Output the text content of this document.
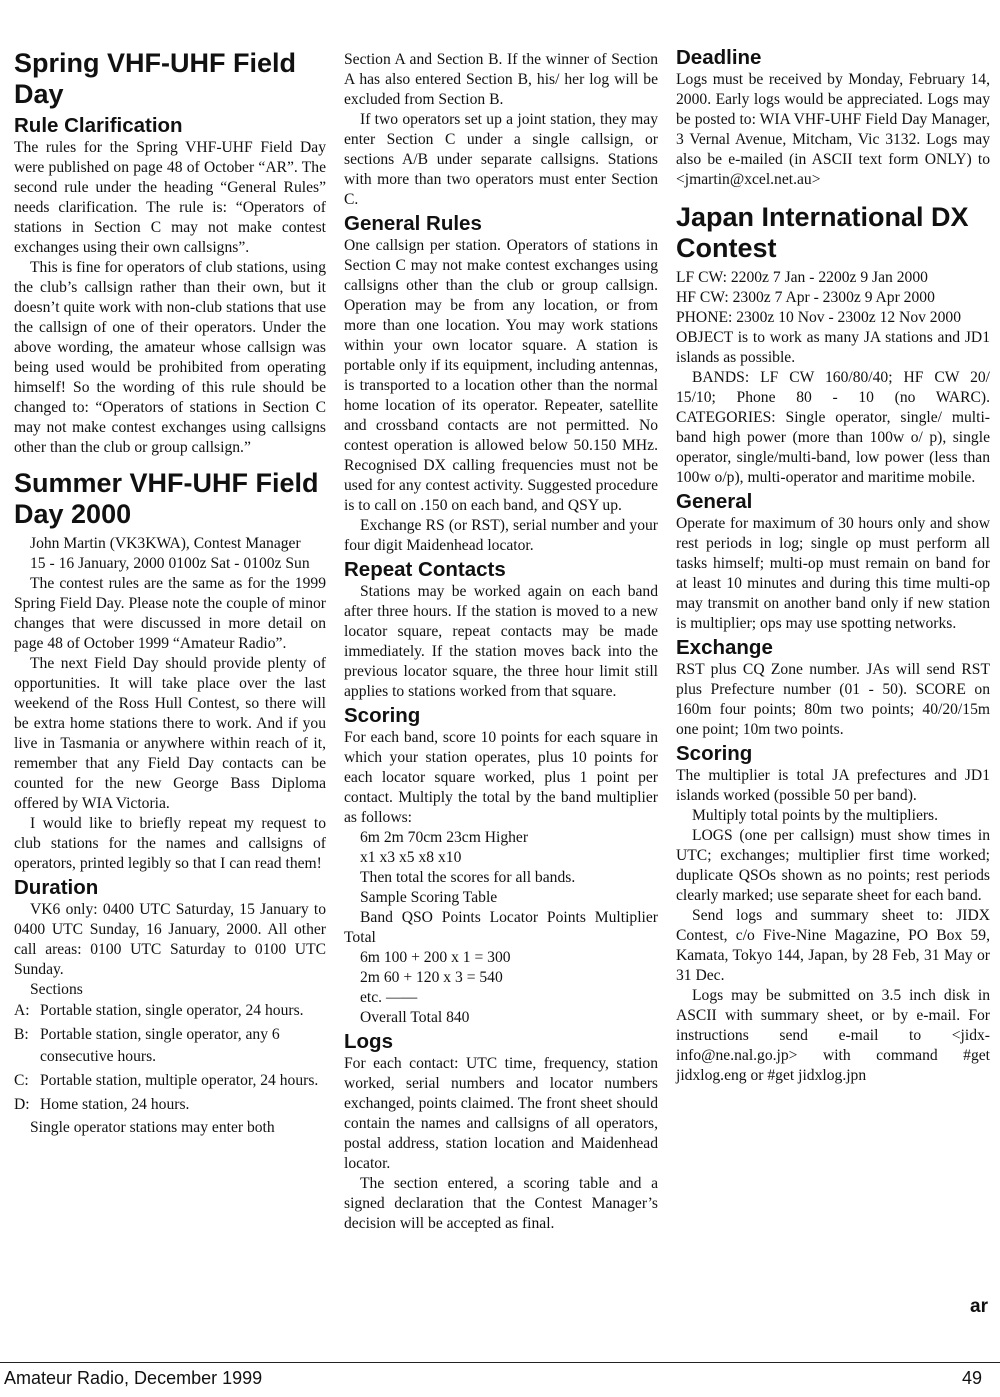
Spring VHF-UHF Field Day
Rule Clarification

The rules for the Spring VHF-UHF Field Day were published on page 48 of October “AR”. The second rule under the heading “General Rules” needs clarification. The rule is: “Operators of stations in Section C may not make contest exchanges using their own callsigns”.

This is fine for operators of club stations, using the club’s callsign rather than their own, but it doesn’t quite work with non-club stations that use the callsign of one of their operators. Under the above wording, the amateur whose callsign was being used would be prohibited from operating himself! So the wording of this rule should be changed to: “Operators of stations in Section C may not make contest exchanges using callsigns other than the club or group callsign.”

Summer VHF-UHF Field Day 2000

John Martin (VK3KWA), Contest Manager

15 - 16 January, 2000 0100z Sat - 0100z Sun

The contest rules are the same as for the 1999 Spring Field Day. Please note the couple of minor changes that were discussed in more detail on page 48 of October 1999 “Amateur Radio”.

The next Field Day should provide plenty of opportunities. It will take place over the last weekend of the Ross Hull Contest, so there will be extra home stations there to work. And if you live in Tasmania or anywhere within reach of it, remember that any Field Day contacts can be counted for the new George Bass Diploma offered by WIA Victoria.

I would like to briefly repeat my request to club stations for the names and callsigns of operators, printed legibly so that I can read them!

Duration

VK6 only: 0400 UTC Saturday, 15 January to 0400 UTC Sunday, 16 January, 2000. All other call areas: 0100 UTC Saturday to 0100 UTC Sunday.

Sections

A: Portable station, single operator, 24 hours.
B: Portable station, single operator, any 6 consecutive hours.
C: Portable station, multiple operator, 24 hours.
D: Home station, 24 hours.

Single operator stations may enter both

Section A and Section B. If the winner of Section A has also entered Section B, his/ her log will be excluded from Section B.

If two operators set up a joint station, they may enter Section C under a single callsign, or sections A/B under separate callsigns. Stations with more than two operators must enter Section C.

General Rules

One callsign per station. Operators of stations in Section C may not make contest exchanges using callsigns other than the club or group callsign. Operation may be from any location, or from more than one location. You may work stations within your own locator square. A station is portable only if its equipment, including antennas, is transported to a location other than the normal home location of its operator. Repeater, satellite and crossband contacts are not permitted. No contest operation is allowed below 50.150 MHz. Recognised DX calling frequencies must not be used for any contest activity. Suggested procedure is to call on .150 on each band, and QSY up.

Exchange RS (or RST), serial number and your four digit Maidenhead locator.

Repeat Contacts

Stations may be worked again on each band after three hours. If the station is moved to a new locator square, repeat contacts may be made immediately. If the station moves back into the previous locator square, the three hour limit still applies to stations worked from that square.

Scoring

For each band, score 10 points for each square in which your station operates, plus 10 points for each locator square worked, plus 1 point per contact. Multiply the total by the band multiplier as follows:

6m 2m 70cm 23cm Higher

x1 x3 x5 x8 x10

Then total the scores for all bands.

Sample Scoring Table

Band QSO Points Locator Points Multiplier Total

6m 100 + 200 x 1 = 300

2m 60 + 120 x 3 = 540

etc. ——

Overall Total 840

Logs

For each contact: UTC time, frequency, station worked, serial numbers and locator numbers exchanged, points claimed. The front sheet should contain the names and callsigns of all operators, postal address, station location and Maidenhead locator.

The section entered, a scoring table and a signed declaration that the Contest Manager’s decision will be accepted as final.

Deadline

Logs must be received by Monday, February 14, 2000. Early logs would be appreciated. Logs may be posted to: WIA VHF-UHF Field Day Manager, 3 Vernal Avenue, Mitcham, Vic 3132. Logs may also be e-mailed (in ASCII text form ONLY) to <jmartin@xcel.net.au>

Japan International DX Contest

LF CW: 2200z 7 Jan - 2200z 9 Jan 2000

HF CW: 2300z 7 Apr - 2300z 9 Apr 2000

PHONE: 2300z 10 Nov - 2300z 12 Nov 2000

OBJECT is to work as many JA stations and JD1 islands as possible.

BANDS: LF CW 160/80/40; HF CW 20/ 15/10; Phone 80 - 10 (no WARC). CATEGORIES: Single operator, single/ multi-band high power (more than 100w o/ p), single operator, single/multi-band, low power (less than 100w o/p), multi-operator and maritime mobile.

General

Operate for maximum of 30 hours only and show rest periods in log; single op must perform all tasks himself; multi-op must remain on band for at least 10 minutes and during this time multi-op may transmit on another band only if new station is multiplier; ops may use spotting networks.

Exchange

RST plus CQ Zone number. JAs will send RST plus Prefecture number (01 - 50). SCORE on 160m four points; 80m two points; 40/20/15m one point; 10m two points.

Scoring

The multiplier is total JA prefectures and JD1 islands worked (possible 50 per band).

Multiply total points by the multipliers.

LOGS (one per callsign) must show times in UTC; exchanges; multiplier first time worked; duplicate QSOs shown as no points; rest periods clearly marked; use separate sheet for each band.

Send logs and summary sheet to: JIDX Contest, c/o Five-Nine Magazine, PO Box 59, Kamata, Tokyo 144, Japan, by 28 Feb, 31 May or 31 Dec.

Logs may be submitted on 3.5 inch disk in ASCII with summary sheet, or by e-mail. For instructions send e-mail to <jidx-info@ne.nal.go.jp> with command #get jidxlog.eng or #get jidxlog.jpn

ar
Amateur Radio, December 1999	49
